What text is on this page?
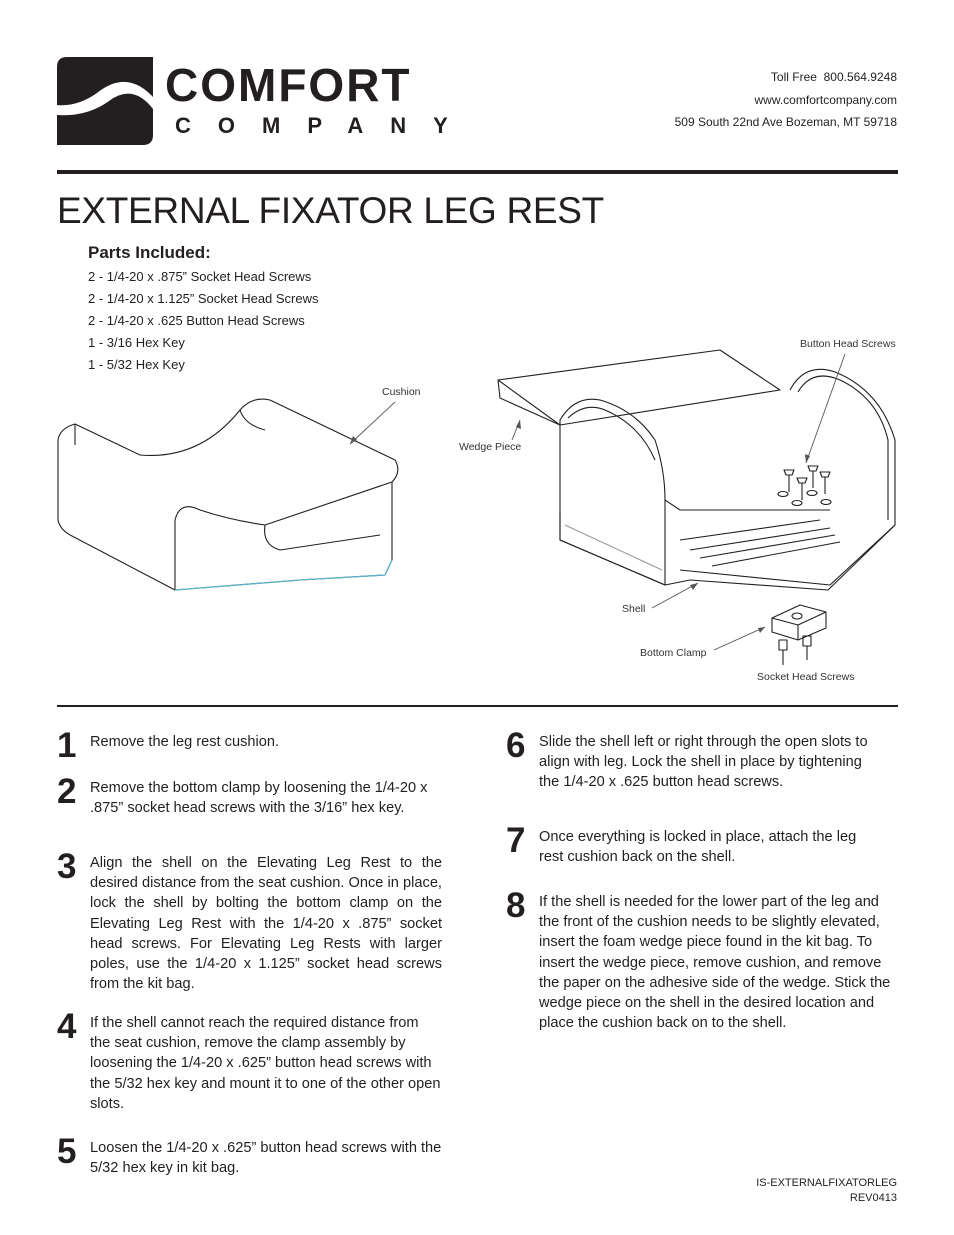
COMFORT
COMPANY
Toll Free 800.564.9248
www.comfortcompany.com
509 South 22nd Ave Bozeman, MT 59718
EXTERNAL FIXATOR LEG REST
Parts Included:
2 - 1/4-20 x .875” Socket Head Screws
2 - 1/4-20 x 1.125” Socket Head Screws
2 - 1/4-20 x .625 Button Head Screws
1 - 3/16 Hex Key
1 - 5/32 Hex Key
Cushion
Wedge Piece
Button Head Screws
Shell
Bottom Clamp
Socket Head Screws
1 Remove the leg rest cushion.

2 Remove the bottom clamp by loosening the 1/4-20 x .875” socket head screws with the 3/16” hex key.

3 Align the shell on the Elevating Leg Rest to the desired distance from the seat cushion. Once in place, lock the shell by bolting the bottom clamp on the Elevating Leg Rest with the 1/4-20 x .875” socket head screws. For Elevating Leg Rests with larger poles, use the 1/4-20 x 1.125” socket head screws from the kit bag.

4 If the shell cannot reach the required distance from the seat cushion, remove the clamp assembly by loosening the 1/4-20 x .625” button head screws with the 5/32 hex key and mount it to one of the other open slots.

5 Loosen the 1/4-20 x .625” button head screws with the 5/32 hex key in kit bag.

6 Slide the shell left or right through the open slots to align with leg. Lock the shell in place by tightening the 1/4-20 x .625 button head screws.

7 Once everything is locked in place, attach the leg rest cushion back on the shell.

8 If the shell is needed for the lower part of the leg and the front of the cushion needs to be slightly elevated, insert the foam wedge piece found in the kit bag. To insert the wedge piece, remove cushion, and remove the paper on the adhesive side of the wedge. Stick the wedge piece on the shell in the desired location and place the cushion back on to the shell.

IS-EXTERNALFIXATORLEG
REV0413
